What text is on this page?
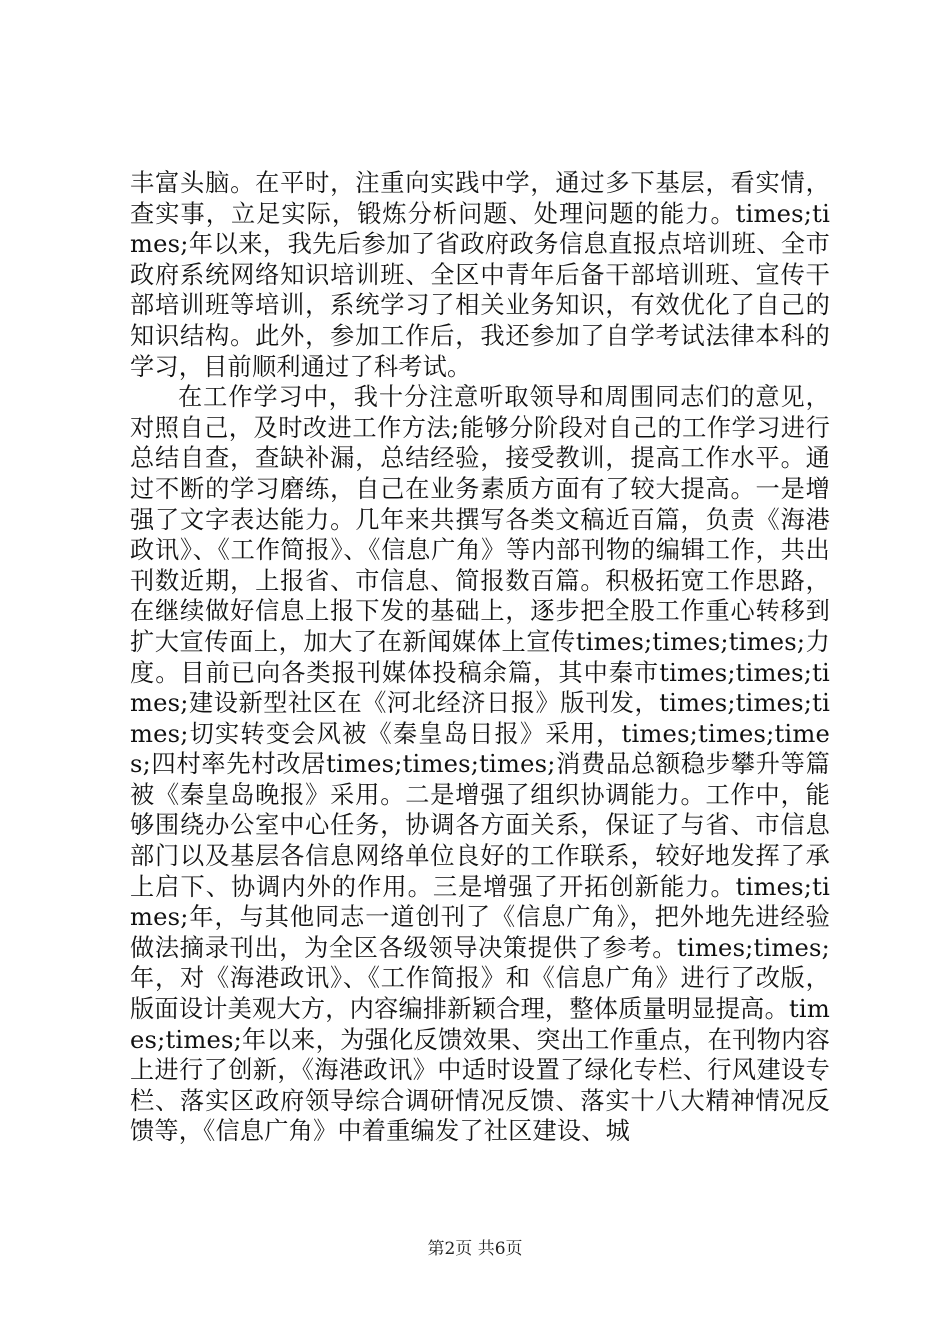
丰富头脑。在平时，注重向实践中学，通过多下基层，看实情，查实事，立足实际，锻炼分析问题、处理问题的能力。times;times;年以来，我先后参加了省政府政务信息直报点培训班、全市政府系统网络知识培训班、全区中青年后备干部培训班、宣传干部培训班等培训，系统学习了相关业务知识，有效优化了自己的知识结构。此外，参加工作后，我还参加了自学考试法律本科的学习，目前顺利通过了科考试。

在工作学习中，我十分注意听取领导和周围同志们的意见，对照自己，及时改进工作方法;能够分阶段对自己的工作学习进行总结自查，查缺补漏，总结经验，接受教训，提高工作水平。通过不断的学习磨练，自己在业务素质方面有了较大提高。一是增强了文字表达能力。几年来共撰写各类文稿近百篇，负责《海港政讯》、《工作简报》、《信息广角》等内部刊物的编辑工作，共出刊数近期，上报省、市信息、简报数百篇。积极拓宽工作思路，在继续做好信息上报下发的基础上，逐步把全股工作重心转移到扩大宣传面上，加大了在新闻媒体上宣传times;times;times;力度。目前已向各类报刊媒体投稿余篇，其中秦市times;times;times;建设新型社区在《河北经济日报》版刊发，times;times;times;切实转变会风被《秦皇岛日报》采用，times;times;times;四村率先村改居times;times;times;消费品总额稳步攀升等篇被《秦皇岛晚报》采用。二是增强了组织协调能力。工作中，能够围绕办公室中心任务，协调各方面关系，保证了与省、市信息部门以及基层各信息网络单位良好的工作联系，较好地发挥了承上启下、协调内外的作用。三是增强了开拓创新能力。times;times;年，与其他同志一道创刊了《信息广角》，把外地先进经验做法摘录刊出，为全区各级领导决策提供了参考。times;times;年，对《海港政讯》、《工作简报》和《信息广角》进行了改版，版面设计美观大方，内容编排新颖合理，整体质量明显提高。times;times;年以来，为强化反馈效果、突出工作重点，在刊物内容上进行了创新，《海港政讯》中适时设置了绿化专栏、行风建设专栏、落实区政府领导综合调研情况反馈、落实十八大精神情况反馈等，《信息广角》中着重编发了社区建设、城

第2页 共6页
